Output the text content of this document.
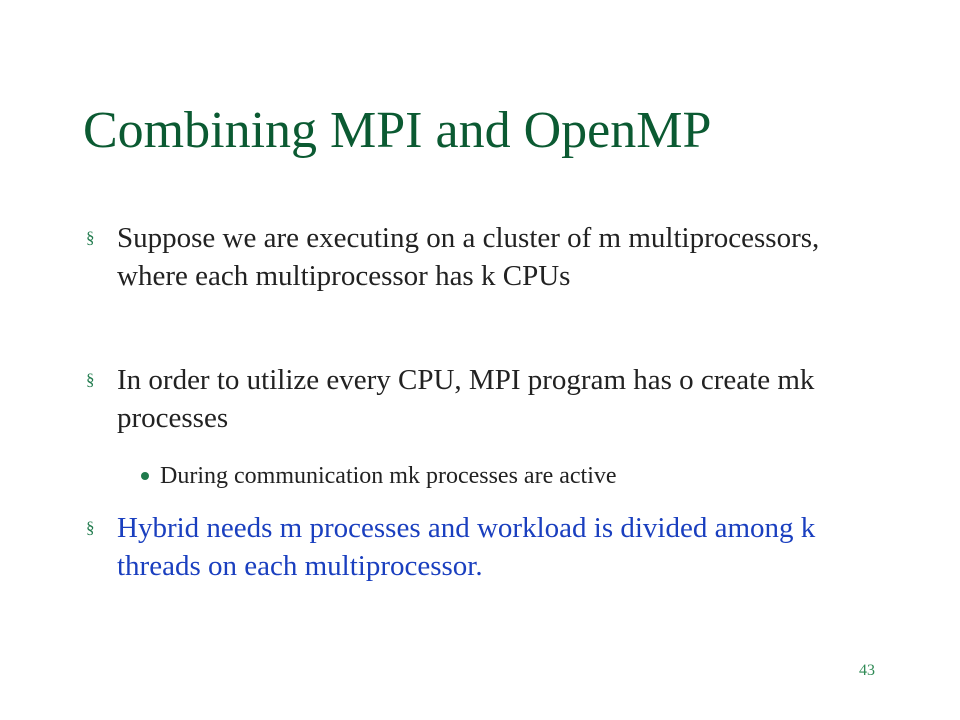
Combining MPI and OpenMP
§ Suppose we are executing on a cluster of m multiprocessors, where each multiprocessor has k CPUs
§ In order to utilize every CPU, MPI program has o create mk processes
During communication mk processes are active
§ Hybrid needs m processes and workload is divided among k threads on each multiprocessor.
43
